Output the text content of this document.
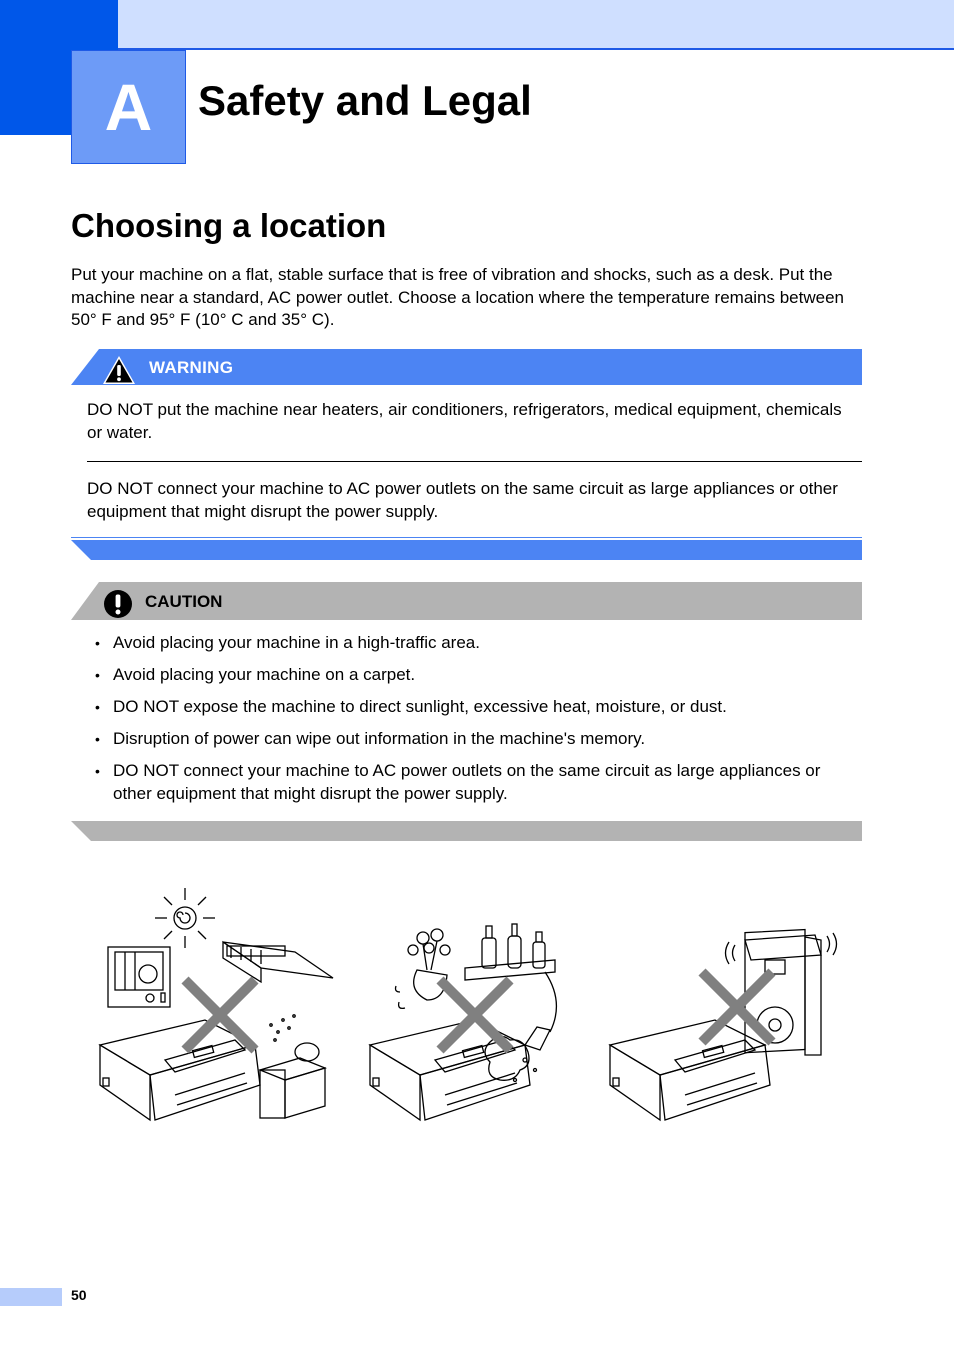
A Safety and Legal
Choosing a location
Put your machine on a flat, stable surface that is free of vibration and shocks, such as a desk. Put the machine near a standard, AC power outlet. Choose a location where the temperature remains between 50° F and 95° F (10° C and 35° C).
WARNING
DO NOT put the machine near heaters, air conditioners, refrigerators, medical equipment, chemicals or water.
DO NOT connect your machine to AC power outlets on the same circuit as large appliances or other equipment that might disrupt the power supply.
CAUTION
• Avoid placing your machine in a high-traffic area.
• Avoid placing your machine on a carpet.
• DO NOT expose the machine to direct sunlight, excessive heat, moisture, or dust.
• Disruption of power can wipe out information in the machine's memory.
• DO NOT connect your machine to AC power outlets on the same circuit as large appliances or other equipment that might disrupt the power supply.
50
